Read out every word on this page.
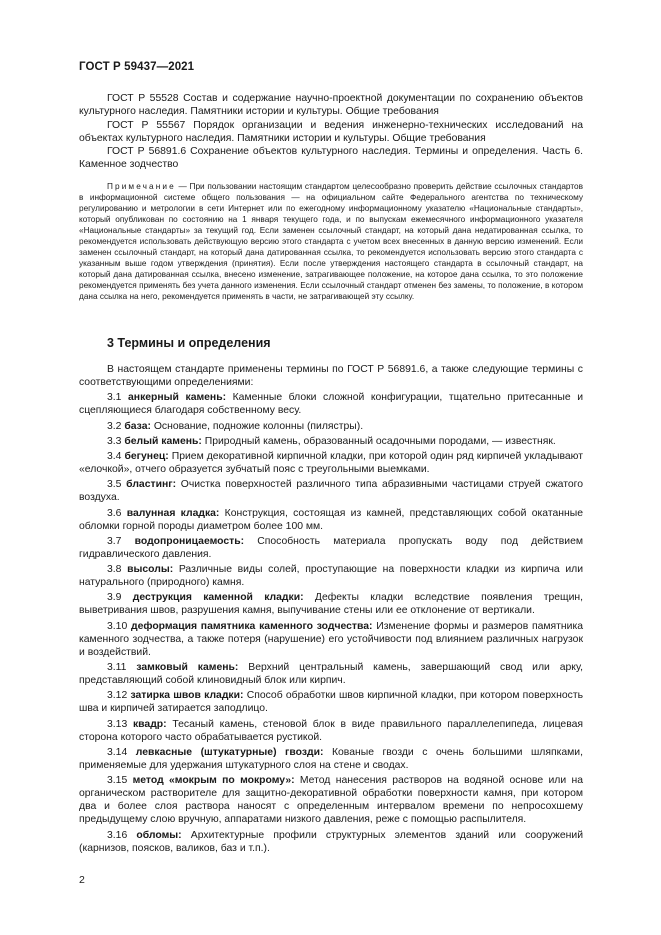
ГОСТ Р 59437—2021

ГОСТ Р 55528 Состав и содержание научно-проектной документации по сохранению объектов культурного наследия. Памятники истории и культуры. Общие требования

ГОСТ Р 55567 Порядок организации и ведения инженерно-технических исследований на объектах культурного наследия. Памятники истории и культуры. Общие требования

ГОСТ Р 56891.6 Сохранение объектов культурного наследия. Термины и определения. Часть 6. Каменное зодчество

Примечание — При пользовании настоящим стандартом целесообразно проверить действие ссылочных стандартов в информационной системе общего пользования — на официальном сайте Федерального агентства по техническому регулированию и метрологии в сети Интернет или по ежегодному информационному указателю «Национальные стандарты», который опубликован по состоянию на 1 января текущего года, и по выпускам ежемесячного информационного указателя «Национальные стандарты» за текущий год. Если заменен ссылочный стандарт, на который дана недатированная ссылка, то рекомендуется использовать действующую версию этого стандарта с учетом всех внесенных в данную версию изменений. Если заменен ссылочный стандарт, на который дана датированная ссылка, то рекомендуется использовать версию этого стандарта с указанным выше годом утверждения (принятия). Если после утверждения настоящего стандарта в ссылочный стандарт, на который дана датированная ссылка, внесено изменение, затрагивающее положение, на которое дана ссылка, то это положение рекомендуется применять без учета данного изменения. Если ссылочный стандарт отменен без замены, то положение, в котором дана ссылка на него, рекомендуется применять в части, не затрагивающей эту ссылку.
3 Термины и определения

В настоящем стандарте применены термины по ГОСТ Р 56891.6, а также следующие термины с соответствующими определениями:

3.1 анкерный камень: Каменные блоки сложной конфигурации, тщательно притесанные и сцепляющиеся благодаря собственному весу.

3.2 база: Основание, подножие колонны (пилястры).

3.3 белый камень: Природный камень, образованный осадочными породами, — известняк.

3.4 бегунец: Прием декоративной кирпичной кладки, при которой один ряд кирпичей укладывают «елочкой», отчего образуется зубчатый пояс с треугольными выемками.

3.5 бластинг: Очистка поверхностей различного типа абразивными частицами струей сжатого воздуха.

3.6 валунная кладка: Конструкция, состоящая из камней, представляющих собой окатанные обломки горной породы диаметром более 100 мм.

3.7 водопроницаемость: Способность материала пропускать воду под действием гидравлического давления.

3.8 высолы: Различные виды солей, проступающие на поверхности кладки из кирпича или натурального (природного) камня.

3.9 деструкция каменной кладки: Дефекты кладки вследствие появления трещин, выветривания швов, разрушения камня, выпучивание стены или ее отклонение от вертикали.

3.10 деформация памятника каменного зодчества: Изменение формы и размеров памятника каменного зодчества, а также потеря (нарушение) его устойчивости под влиянием различных нагрузок и воздействий.

3.11 замковый камень: Верхний центральный камень, завершающий свод или арку, представляющий собой клиновидный блок или кирпич.

3.12 затирка швов кладки: Способ обработки швов кирпичной кладки, при котором поверхность шва и кирпичей затирается заподлицо.

3.13 квадр: Тесаный камень, стеновой блок в виде правильного параллелепипеда, лицевая сторона которого часто обрабатывается рустикой.

3.14 левкасные (штукатурные) гвозди: Кованые гвозди с очень большими шляпками, применяемые для удержания штукатурного слоя на стене и сводах.

3.15 метод «мокрым по мокрому»: Метод нанесения растворов на водяной основе или на органическом растворителе для защитно-декоративной обработки поверхности камня, при котором два и более слоя раствора наносят с определенным интервалом времени по непросохшему предыдущему слою вручную, аппаратами низкого давления, реже с помощью распылителя.

3.16 обломы: Архитектурные профили структурных элементов зданий или сооружений (карнизов, поясков, валиков, баз и т.п.).

2
